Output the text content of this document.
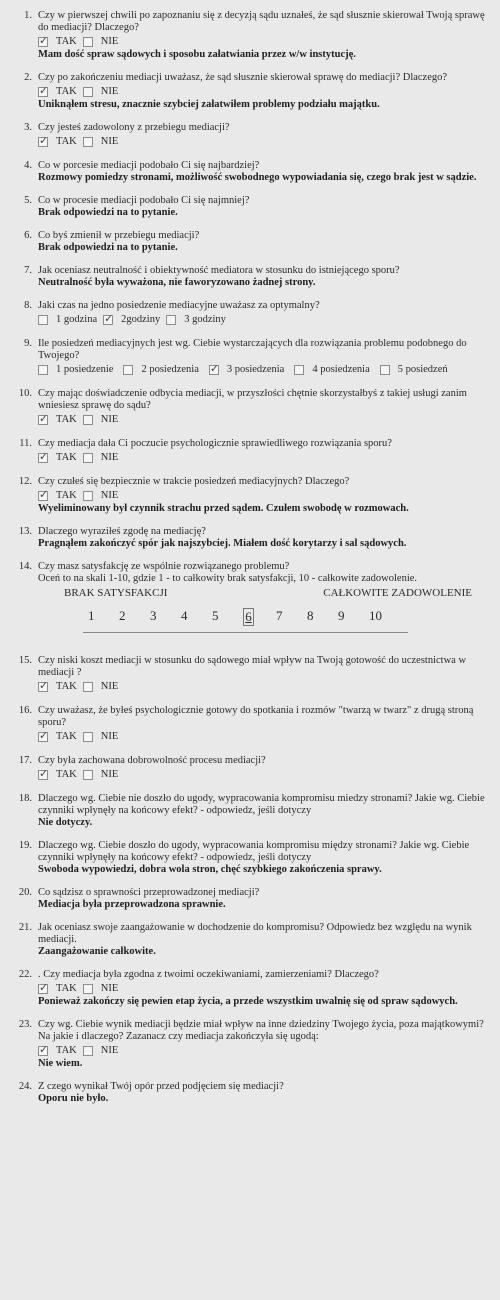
1. Czy w pierwszej chwili po zapoznaniu się z decyzją sądu uznałeś, że sąd słusznie skierował Twoją sprawę do mediacji? Dlaczego?
✓
TAK NIE
Mam dość spraw sądowych i sposobu załatwiania przez w/w instytucję.
2. Czy po zakończeniu mediacji uważasz, że sąd słusznie skierował sprawę do mediacji? Dlaczego?
✓
TAK NIE
Uniknąłem stresu, znacznie szybciej załatwiłem problemy podziału majątku.
3. Czy jesteś zadowolony z przebiegu mediacji?
✓
TAK NIE
4. Co w porcesie mediacji podobało Ci się najbardziej?
Rozmowy pomiedzy stronami, możliwość swobodnego wypowiadania się, czego brak jest w sądzie.
5. Co w procesie mediacji podobało Ci się najmniej?
Brak odpowiedzi na to pytanie.
6. Co byś zmienił w przebiegu mediacji?
Brak odpowiedzi na to pytanie.
7. Jak oceniasz neutralność i obiektywność mediatora w stosunku do istniejącego sporu?
Neutralność była wyważona, nie faworyzowano żadnej strony.
8. Jaki czas na jedno posiedzenie mediacyjne uważasz za optymalny?
1 godzina ✓ 2godziny 3 godziny
9. Ile posiedzeń mediacyjnych jest wg. Ciebie wystarczających dla rozwiązania problemu podobnego do Twojego?
1 posiedzenie	2 posiedzenia ✓	3 posiedzenia	4 posiedzenia	5 posiedzeń
10. Czy mając doświadczenie odbycia mediacji, w przyszłości chętnie skorzystałbyś z takiej usługi zanim wniesiesz sprawę do sądu?
✓
TAK NIE
11. Czy mediacja dała Ci poczucie psychologicznie sprawiedliwego rozwiązania sporu?
✓
TAK NIE
12. Czy czułeś się bezpiecznie w trakcie posiedzeń mediacyjnych? Dlaczego?
✓
TAK NIE
Wyeliminowany był czynnik strachu przed sądem. Czułem swobodę w rozmowach.
13. Dlaczego wyraziłeś zgodę na mediację?
Pragnąłem zakończyć spór jak najszybciej. Miałem dość korytarzy i sal sądowych.
14. Czy masz satysfakcję ze wspólnie rozwiązanego problemu?
Oceń to na skali 1-10, gdzie 1 - to całkowity brak satysfakcji, 10 - całkowite zadowolenie.
BRAK SATYSFAKCJI	CAŁKOWITE ZADOWOLENIE
1	2	3	4	5	6 7	8	9	10
15. Czy niski koszt mediacji w stosunku do sądowego miał wpływ na Twoją gotowość do uczestnictwa w mediacji ?
✓
TAK NIE
16. Czy uważasz, że byłeś psychologicznie gotowy do spotkania i rozmów "twarzą w twarz" z drugą stroną sporu?
✓
TAK NIE
17. Czy była zachowana dobrowolność procesu mediacji?
✓
TAK NIE
18. Dlaczego wg. Ciebie nie doszło do ugody, wypracowania kompromisu miedzy stronami? Jakie wg. Ciebie czynniki wpłynęły na końcowy efekt? - odpowiedz, jeśli dotyczy
Nie dotyczy.
19. Dlaczego wg. Ciebie doszło do ugody, wypracowania kompromisu między stronami? Jakie wg. Ciebie czynniki wpłynęły na końcowy efekt? - odpowiedz, jeśli dotyczy
Swoboda wypowiedzi, dobra wola stron, chęć szybkiego zakończenia sprawy.
20. Co sądzisz o sprawności przeprowadzonej mediacji?
Mediacja była przeprowadzona sprawnie.
21. Jak oceniasz swoje zaangażowanie w dochodzenie do kompromisu? Odpowiedz bez względu na wynik mediacji.
Zaangażowanie całkowite.
22. . Czy mediacja była zgodna z twoimi oczekiwaniami, zamierzeniami? Dlaczego?
✓
TAK NIE
Ponieważ zakończy się pewien etap życia, a przede wszystkim uwalnię się od spraw sądowych.
23. Czy wg. Ciebie wynik mediacji będzie miał wpływ na inne dziedziny Twojego życia, poza majątkowymi? Na jakie i dlaczego? Zazanacz czy mediacja zakończyła się ugodą:
✓
TAK NIE
Nie wiem.
24. Z czego wynikał Twój opór przed podjęciem się mediacji?
Oporu nie było.
